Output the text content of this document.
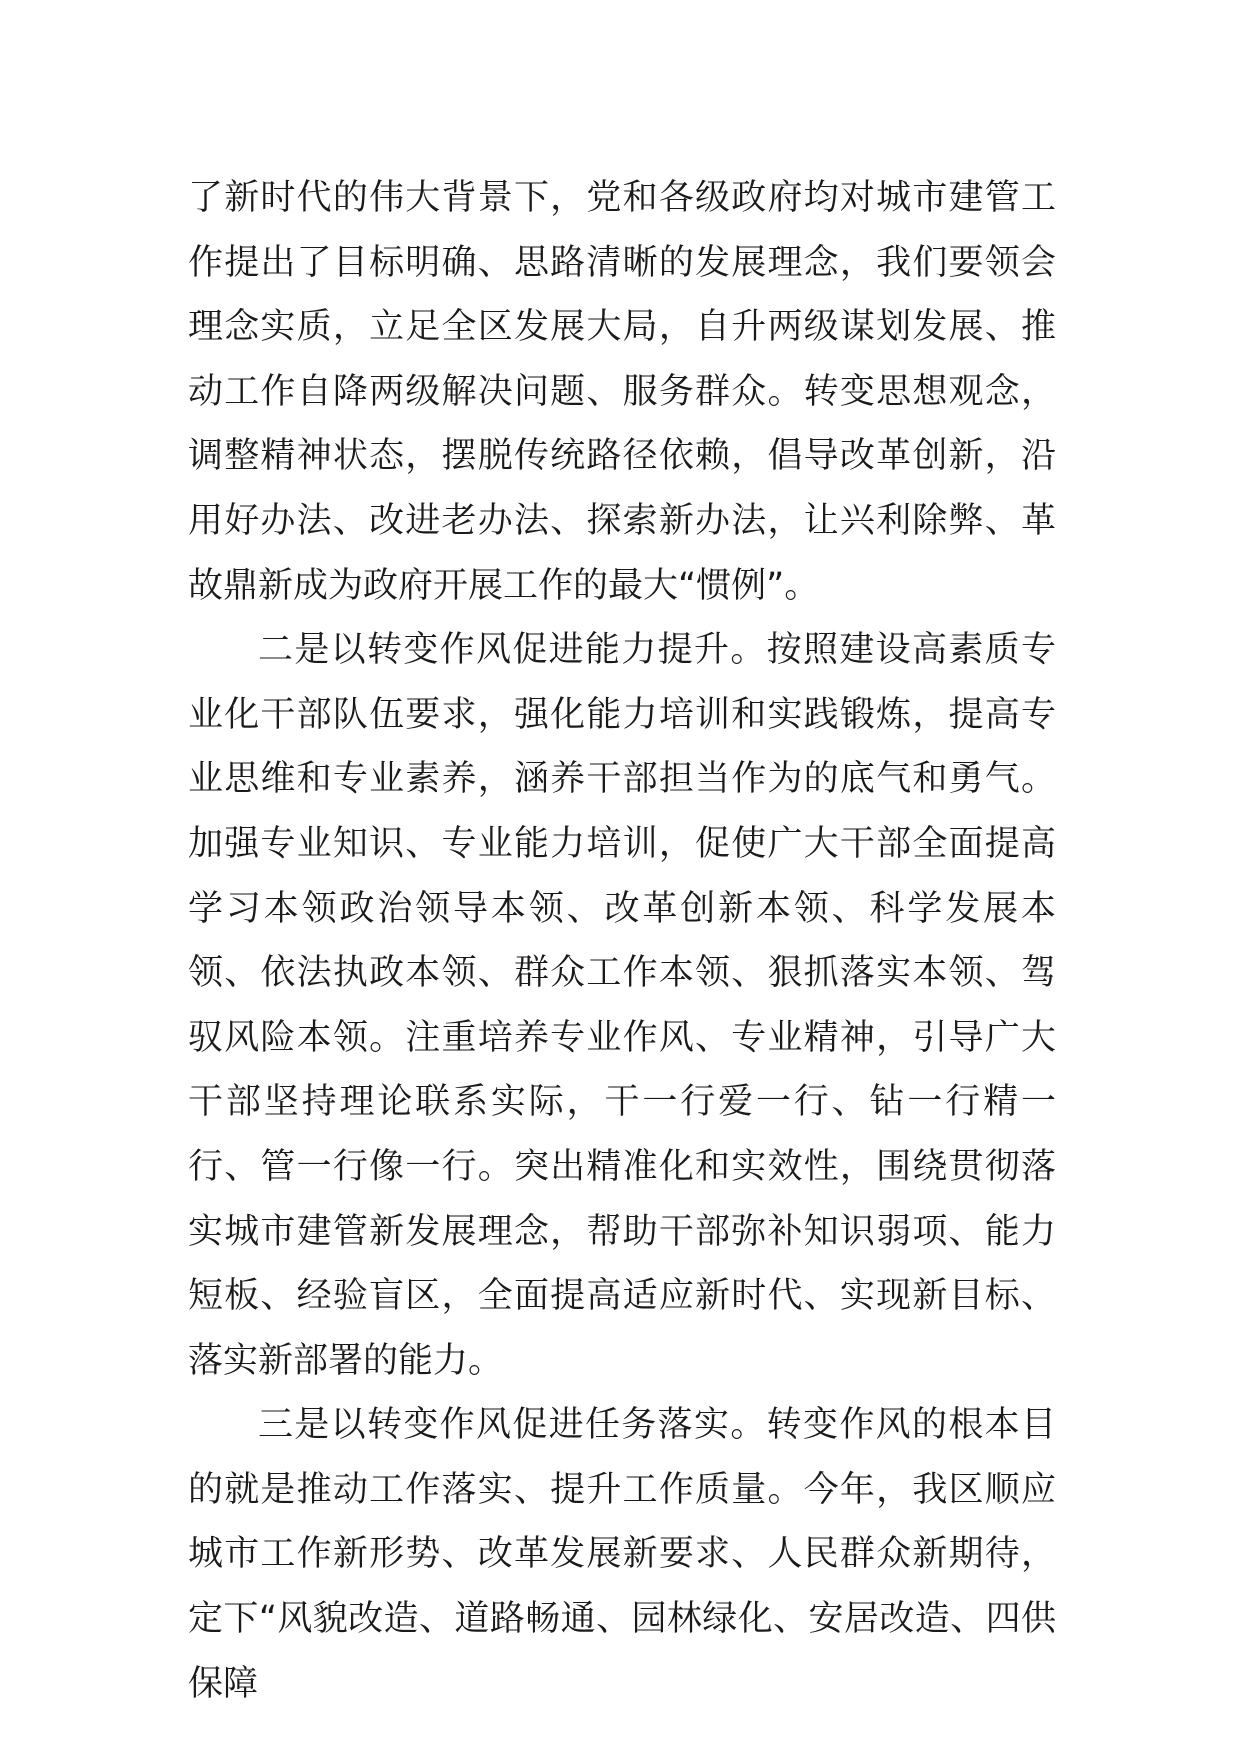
了新时代的伟大背景下，党和各级政府均对城市建管工作提出了目标明确、思路清晰的发展理念，我们要领会理念实质，立足全区发展大局，自升两级谋划发展、推动工作自降两级解决问题、服务群众。转变思想观念，调整精神状态，摆脱传统路径依赖，倡导改革创新，沿用好办法、改进老办法、探索新办法，让兴利除弊、革故鼎新成为政府开展工作的最大“惯例”。

二是以转变作风促进能力提升。按照建设高素质专业化干部队伍要求，强化能力培训和实践锻炼，提高专业思维和专业素养，涵养干部担当作为的底气和勇气。加强专业知识、专业能力培训，促使广大干部全面提高学习本领政治领导本领、改革创新本领、科学发展本领、依法执政本领、群众工作本领、狠抓落实本领、驾驭风险本领。注重培养专业作风、专业精神，引导广大干部坚持理论联系实际，干一行爱一行、钻一行精一行、管一行像一行。突出精准化和实效性，围绕贯彻落实城市建管新发展理念，帮助干部弥补知识弱项、能力短板、经验盲区，全面提高适应新时代、实现新目标、落实新部署的能力。

三是以转变作风促进任务落实。转变作风的根本目的就是推动工作落实、提升工作质量。今年，我区顺应城市工作新形势、改革发展新要求、人民群众新期待，定下“风貌改造、道路畅通、园林绿化、安居改造、四供保障
